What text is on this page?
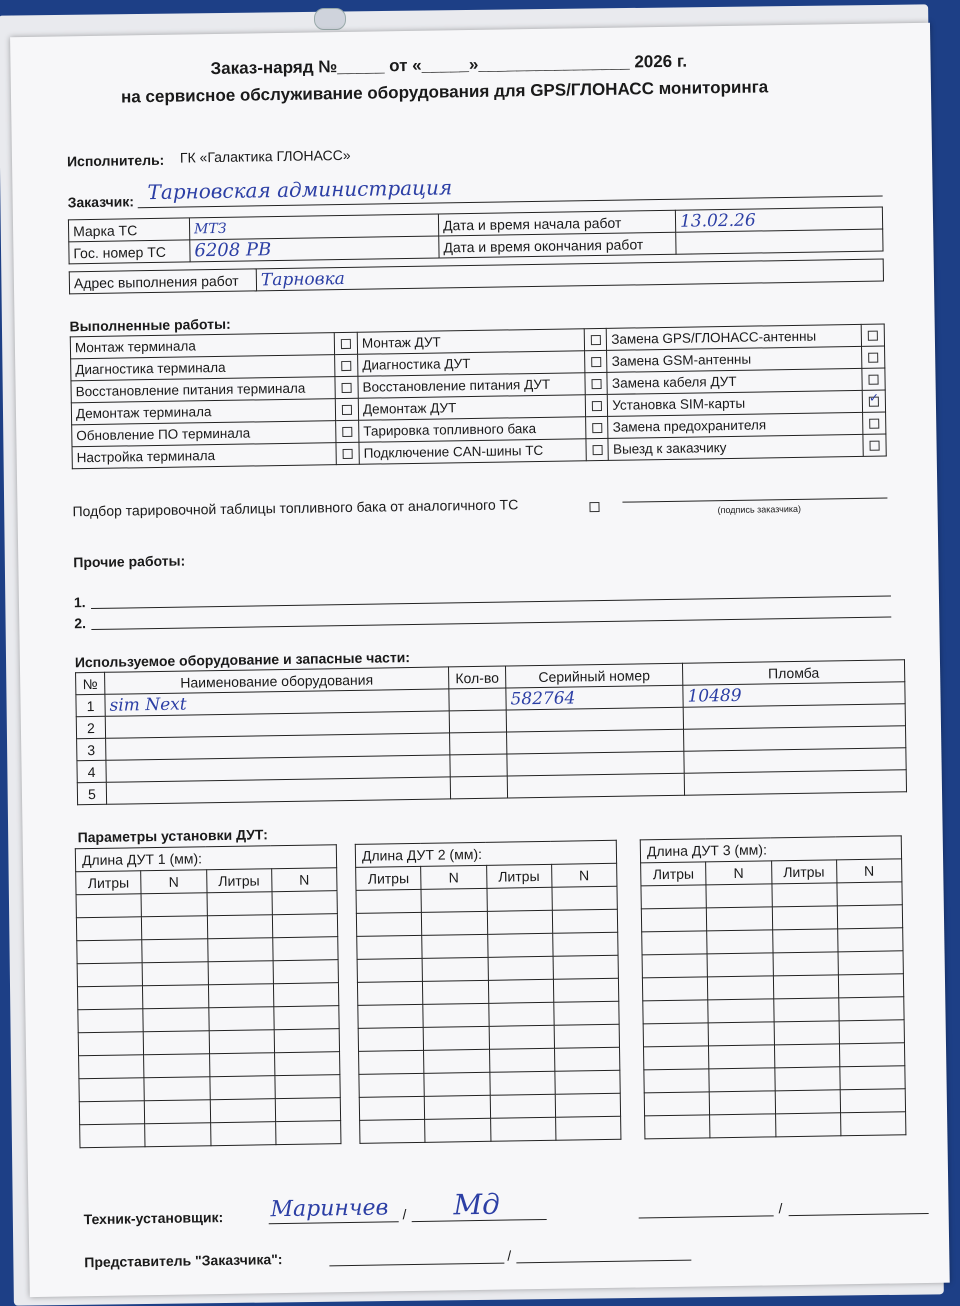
Заказ-наряд №_____ от «_____»________________ 2026 г.
на сервисное обслуживание оборудования для GPS/ГЛОНАСС мониторинга
Исполнитель: ГК «Галактика ГЛОНАСС»
Заказчик: Тарновская администрация
Марка ТС	МТЗ	Дата и время начала работ	13.02.26
Гос. номер ТС	6208 РВ	Дата и время окончания работ	
Адрес выполнения работ	Тарновка
Выполненные работы:
Монтаж терминала		Монтаж ДУТ		Замена GPS/ГЛОНАСС-антенны	
Диагностика терминала		Диагностика ДУТ		Замена GSM-антенны	
Восстановление питания терминала		Восстановление питания ДУТ		Замена кабеля ДУТ	
Демонтаж терминала		Демонтаж ДУТ		Установка SIM-карты	✓
Обновление ПО терминала		Тарировка топливного бака		Замена предохранителя	
Настройка терминала		Подключение CAN-шины ТС		Выезд к заказчику	
Подбор тарировочной таблицы топливного бака от аналогичного ТС	(подпись заказчика)
Прочие работы:
1.
2.
Используемое оборудование и запасные части:
№	Наименование оборудования	Кол-во	Серийный номер	Пломба
1	sim Next		582764	10489
2				
3				
4				
5				
Параметры установки ДУТ:
Длина ДУТ 1 (мм):			
Литры	N	Литры	N

Длина ДУТ 2 (мм):			
Литры	N	Литры	N

Длина ДУТ 3 (мм):			
Литры	N	Литры	N

Техник-установщик: Маринчев / Мд	/
Представитель "Заказчика":	/
